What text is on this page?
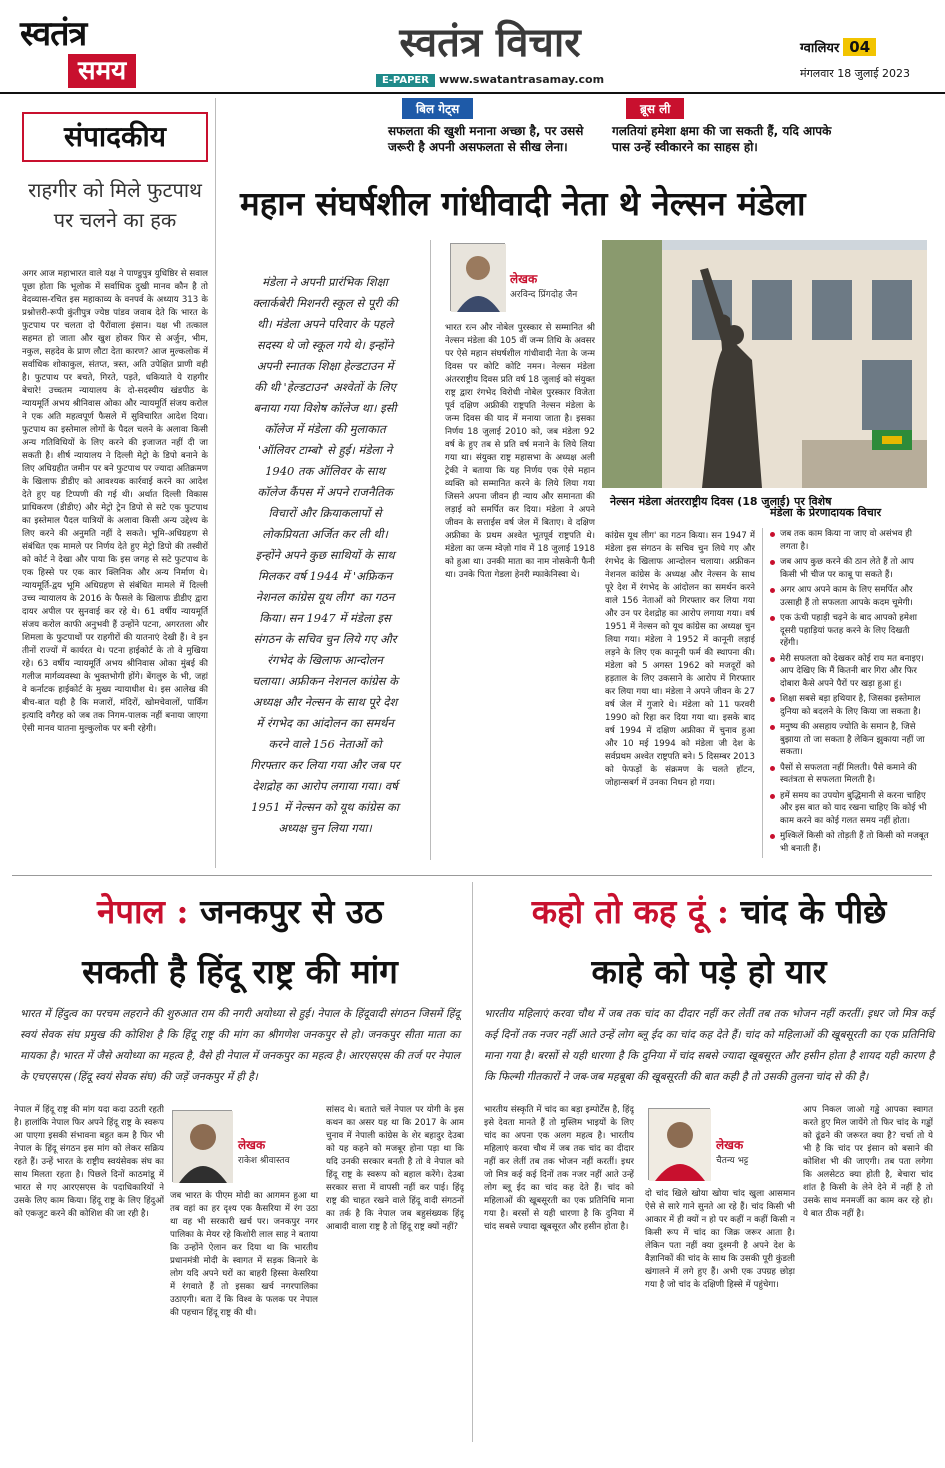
स्वतंत्र
समय
स्वतंत्र विचार
E-PAPER www.swatantrasamay.com
ग्वालियर 04
मंगलवार 18 जुलाई 2023
बिल गेट्स
सफलता की खुशी मनाना अच्छा है, पर उससे जरूरी है अपनी असफलता से सीख लेना।
ब्रूस ली
गलतियां हमेशा क्षमा की जा सकती हैं, यदि आपके पास उन्हें स्वीकारने का साहस हो।
संपादकीय
राहगीर को मिले फुटपाथ पर चलने का हक
अगर आज महाभारत वाले यक्ष ने पाण्डुपुत्र युधिष्ठिर से सवाल पूछा होता कि भूलोक में सर्वाधिक दुखी मानव कौन है तो वेदव्यास-रचित इस महाकाव्य के वनपर्व के अध्याय 313 के प्रश्नोत्तरी-रूपी कुंतीपुत्र ज्येष्ठ पांडव जवाब देते कि भारत के फुटपाथ पर चलता दो पैरोंवाला इंसान। यक्ष भी तत्काल सहमत हो जाता और खुश होकर फिर से अर्जुन, भीम, नकुल, सहदेव के प्राण लौटा देता कारण? आज मुल्कलोक में सर्वाधिक शोकाकुल, संतप्त, त्रस्त, अति उपेक्षित प्राणी वही है। फुटपाथ पर बचते, गिरते, पड़ते, धकियाते ये राहगीर बेचारे! उच्चतम न्यायालय के दो-सदस्यीय खंडपीठ के न्यायमूर्ति अभय श्रीनिवास ओका और न्यायमूर्ति संजय करोल ने एक अति महत्वपूर्ण फैसले में सुविचारित आदेश दिया। फुटपाथ का इस्तेमाल लोगों के पैदल चलने के अलावा किसी अन्य गतिविधियों के लिए करने की इजाजत नहीं दी जा सकती है। शीर्ष न्यायालय ने दिल्ली मेट्रो के डिपो बनाने के लिए अधिग्रहीत जमीन पर बने फुटपाथ पर ज्यादा अतिक्रमण के खिलाफ डीडीए को आवश्यक कार्रवाई करने का आदेश देते हुए यह टिप्पणी की गई थी। अर्थात दिल्ली विकास प्राधिकरण (डीडीए) और मेट्रो ट्रेन डिपो से सटे एक फुटपाथ का इस्तेमाल पैदल यात्रियों के अलावा किसी अन्य उद्देश्य के लिए करने की अनुमति नहीं दे सकते। भूमि-अधिग्रहण से संबंधित एक मामले पर निर्णय देते हुए मेट्रो डिपो की तस्वीरों को कोर्ट ने देखा और पाया कि इस जगह से सटे फुटपाथ के एक हिस्से पर एक कार क्लिनिक और अन्य निर्माण थे। न्यायमूर्ति-द्वय भूमि अधिग्रहण से संबंधित मामले में दिल्ली उच्च न्यायालय के 2016 के फैसले के खिलाफ डीडीए द्वारा दायर अपील पर सुनवाई कर रहे थे। 61 वर्षीय न्यायमूर्ति संजय करोल काफी अनुभवी हैं उन्होंने पटना, अगरतला और शिमला के फुटपाथों पर राहगीरों की यातनाएं देखी हैं। वे इन तीनों राज्यों में कार्यरत थे। पटना हाईकोर्ट के तो वे मुखिया रहे। 63 वर्षीय न्यायमूर्ति अभय श्रीनिवास ओका मुंबई की गलीज मार्गव्यवस्था के भुक्तभोगी होंगे। बेंगलुरु के भी, जहां वे कर्नाटक हाईकोर्ट के मुख्य न्यायाधीश थे। इस आलेख की बीच-बात यही है कि मजारों, मंदिरों, खोमचेवालों, पार्किंग इत्यादि वगैरह को जब तक निगम-पालक नहीं बनाया जाएगा ऐसी मानव यातना मुल्कुलोक पर बनी रहेगी।
महान संघर्षशील गांधीवादी नेता थे नेल्सन मंडेला
मंडेला ने अपनी प्रारंभिक शिक्षा क्लार्कबेरी मिशनरी स्कूल से पूरी की थी। मंडेला अपने परिवार के पहले सदस्य थे जो स्कूल गये थे। इन्होंने अपनी स्नातक शिक्षा हेल्डटाउन में की थी 'हेल्डटाउन' अश्वेतों के लिए बनाया गया विशेष कॉलेज था। इसी कॉलेज में मंडेला की मुलाकात 'ऑलिवर टाम्बो' से हुई। मंडेला ने 1940 तक ऑलिवर के साथ कॉलेज कैंपस में अपने राजनैतिक विचारों और क्रियाकलापों से लोकप्रियता अर्जित कर ली थी। इन्होंने अपने कुछ साथियों के साथ मिलकर वर्ष 1944 में 'अफ्रिकन नेशनल कांग्रेस यूथ लीग' का गठन किया। सन 1947 में मंडेला इस संगठन के सचिव चुन लिये गए और रंगभेद के खिलाफ आन्दोलन चलाया। अफ्रीकन नेशनल कांग्रेस के अध्यक्ष और नेल्सन के साथ पूरे देश में रंगभेद का आंदोलन का समर्थन करने वाले 156 नेताओं को गिरफ्तार कर लिया गया और जब पर देशद्रोह का आरोप लगाया गया। वर्ष 1951 में नेल्सन को यूथ कांग्रेस का अध्यक्ष चुन लिया गया।
लेखक
अरविन्द प्रिंगदोह जैन
भारत रत्न और नोबेल पुरस्कार से सम्मानित श्री नेल्सन मंडेला की 105 वीं जन्म तिथि के अवसर पर ऐसे महान संघर्षशील गांधीवादी नेता के जन्म दिवस पर कोटि कोटि नमन। नेल्सन मंडेला अंतरराष्ट्रीय दिवस प्रति वर्ष 18 जुलाई को संयुक्त राष्ट्र द्वारा रंगभेद विरोधी नोबेल पुरस्कार विजेता पूर्व दक्षिण अफ्रीकी राष्ट्रपति नेल्सन मंडेला के जन्म दिवस की याद में मनाया जाता है। इसका निर्णय 18 जुलाई 2010 को, जब मंडेला 92 वर्ष के हुए तब से प्रति वर्ष मनाने के लिये लिया गया था। संयुक्त राष्ट्र महासभा के अध्यक्ष अली ट्रेकी ने बताया कि यह निर्णय एक ऐसे महान व्यक्ति को सम्मानित करने के लिये लिया गया जिसने अपना जीवन ही न्याय और समानता की लड़ाई को समर्पित कर दिया। मंडेला ने अपने जीवन के सत्ताईस वर्ष जेल में बिताए। वे दक्षिण अफ्रीका के प्रथम अश्वेत भूतपूर्व राष्ट्रपति थे। मंडेला का जन्म म्वेज़ो गांव में 18 जुलाई 1918 को हुआ था। उनकी माता का नाम नोसकेनी फैनी था। उनके पिता गेडला हेनरी म्फाकेनिस्वा थे।
नेल्सन मंडेला अंतरराष्ट्रीय दिवस (18 जुलाई) पर विशेष
कांग्रेस यूथ लीग' का गठन किया। सन 1947 में मंडेला इस संगठन के सचिव चुन लिये गए और रंगभेद के खिलाफ आन्दोलन चलाया। अफ्रीकन नेशनल कांग्रेस के अध्यक्ष और नेल्सन के साथ पूरे देश में रंगभेद के आंदोलन का समर्थन करने वाले 156 नेताओं को गिरफ्तार कर लिया गया और उन पर देशद्रोह का आरोप लगाया गया। वर्ष 1951 में नेल्सन को यूथ कांग्रेस का अध्यक्ष चुन लिया गया। मंडेला ने 1952 में कानूनी लड़ाई लड़ने के लिए एक कानूनी फर्म की स्थापना की। मंडेला को 5 अगस्त 1962 को मजदूरों को हड़ताल के लिए उकसाने के आरोप में गिरफ्तार कर लिया गया था। मंडेला ने अपने जीवन के 27 वर्ष जेल में गुजारे थे। मंडेला को 11 फरवरी 1990 को रिहा कर दिया गया था। इसके बाद वर्ष 1994 में दक्षिण अफ्रीका में चुनाव हुआ और 10 मई 1994 को मंडेला जी देश के सर्वप्रथम अश्वेत राष्ट्रपति बने। 5 दिसम्बर 2013 को फेफड़ों के संक्रमण के चलते हॉटन, जोहान्सबर्ग में उनका निधन हो गया।
मंडेला के प्रेरणादायक विचार
जब तक काम किया ना जाए वो असंभव ही लगता है।
जब आप कुछ करने की ठान लेते हैं तो आप किसी भी चीज पर काबू पा सकते हैं।
अगर आप अपने काम के लिए समर्पित और उत्साही हैं तो सफलता आपके कदम चूमेगी।
एक ऊंची पहाड़ी चढ़ने के बाद आपको हमेशा दूसरी पहाड़ियां फतह करने के लिए दिखती रहेंगी।
मेरी सफलता को देखकर कोई राय मत बनाइए। आप देखिए कि मैं कितनी बार गिरा और फिर दोबारा कैसे अपने पैरों पर खड़ा हुआ हूं।
शिक्षा सबसे बड़ा हथियार है, जिसका इस्तेमाल दुनिया को बदलने के लिए किया जा सकता है।
मनुष्य की असहाय ज्योति के समान है, जिसे बुझाया तो जा सकता है लेकिन झुकाया नहीं जा सकता।
पैसों से सफलता नहीं मिलती। पैसे कमाने की स्वतंत्रता से सफलता मिलती है।
हमें समय का उपयोग बुद्धिमानी से करना चाहिए और इस बात को याद रखना चाहिए कि कोई भी काम करने का कोई गलत समय नहीं होता।
मुश्किलें किसी को तोड़ती हैं तो किसी को मजबूत भी बनाती हैं।
नेपाल : जनकपुर से उठ
सकती है हिंदू राष्ट्र की मांग
भारत में हिंदुत्व का परचम लहराने की शुरुआत राम की नगरी अयोध्या से हुई। नेपाल के हिंदूवादी संगठन जिसमें हिंदू स्वयं सेवक संघ प्रमुख की कोशिश है कि हिंदू राष्ट्र की मांग का श्रीगणेश जनकपुर से हो। जनकपुर सीता माता का मायका है। भारत में जैसे अयोध्या का महत्व है, वैसे ही नेपाल में जनकपुर का महत्व है। आरएसएस की तर्ज पर नेपाल के एचएसएस (हिंदू स्वयं सेवक संघ) की जड़ें जनकपुर में ही है।
नेपाल में हिंदू राष्ट्र की मांग यदा कदा उठती रहती है। हालांकि नेपाल फिर अपने हिंदू राष्ट्र के स्वरूप आ पाएगा इसकी संभावना बहुत कम है फिर भी नेपाल के हिंदू संगठन इस मांग को लेकर सक्रिय रहते हैं। उन्हें भारत के राष्ट्रीय स्वयंसेवक संघ का साथ मिलता रहता है। पिछले दिनों काठमांडू में भारत से गए आरएसएस के पदाधिकारियों ने उसके लिए काम किया। हिंदू राष्ट्र के लिए हिंदुओं को एकजुट करने की कोशिश की जा रही है।
लेखक
राकेश श्रीवास्तव
जब भारत के पीएम मोदी का आगमन हुआ था तब वहां का हर दृश्य एक कैसरिया में रंग उठा था वह भी सरकारी खर्च पर। जनकपुर नगर पालिका के मेयर रहे किशोरी लाल साह ने बताया कि उन्होंने ऐलान कर दिया था कि भारतीय प्रधानमंत्री मोदी के स्वागत में सड़क किनारे के लोग यदि अपने घरों का बाहरी हिस्सा केसरिया में रंगवाते हैं तो इसका खर्च नगरपालिका उठाएगी। बता दें कि विश्व के फलक पर नेपाल की पहचान हिंदू राष्ट्र की थी।
सांसद थे। बताते चलें नेपाल पर योगी के इस कथन का असर यह था कि 2017 के आम चुनाव में नेपाली कांग्रेस के शेर बहादुर देउबा को यह कहने को मजबूर होना पड़ा था कि यदि उनकी सरकार बनती है तो वे नेपाल को हिंदू राष्ट्र के स्वरूप को बहाल करेंगे। देउबा सरकार सत्ता में वापसी नहीं कर पाई। हिंदू राष्ट्र की चाहत रखने वाले हिंदू वादी संगठनों का तर्क है कि नेपाल जब बहुसंख्यक हिंदू आबादी वाला राष्ट्र है तो हिंदू राष्ट्र क्यों नहीं?
कहो तो कह दूं : चांद के पीछे
काहे को पड़े हो यार
भारतीय महिलाएं करवा चौथ में जब तक चांद का दीदार नहीं कर लेतीं तब तक भोजन नहीं करतीं। इधर जो मित्र कई कई दिनों तक नजर नहीं आते उन्हें लोग ब्लू ईद का चांद कह देते हैं। चांद को महिलाओं की खूबसूरती का एक प्रतिनिधि माना गया है। बरसों से यही धारणा है कि दुनिया में चांद सबसे ज्यादा खूबसूरत और हसीन होता है शायद यही कारण है कि फिल्मी गीतकारों ने जब-जब महबूबा की खूबसूरती की बात कही है तो उसकी तुलना चांद से की है।
भारतीय संस्कृति में चांद का बड़ा इम्पोर्टेंस है, हिंदू इसे देवता मानते हैं तो मुस्लिम भाइयों के लिए चांद का अपना एक अलग महत्व है। भारतीय महिलाएं करवा चौथ में जब तक चांद का दीदार नहीं कर लेतीं तब तक भोजन नहीं करतीं। इधर जो मित्र कई कई दिनों तक नजर नहीं आते उन्हें लोग ब्लू ईद का चांद कह देते हैं। चांद को महिलाओं की खूबसूरती का एक प्रतिनिधि माना गया है। बरसों से यही धारणा है कि दुनिया में चांद सबसे ज्यादा खूबसूरत और हसीन होता है।
लेखक
चैतन्य भट्ट
दो चांद खिले खोया खोया चांद खुला आसमान ऐसे से सारे गाने सुनते आ रहे हैं। चांद किसी भी आकार में ही क्यों न हो पर कहीं न कहीं किसी न किसी रूप में चांद का जिक्र जरूर आता है। लेकिन पता नहीं क्या दुश्मनी है अपने देश के वैज्ञानिकों की चांद के साथ कि उसकी पूरी कुंडली खंगालने में लगे हुए हैं। अभी एक उपग्रह छोड़ा गया है जो चांद के दक्षिणी हिस्से में पहुंचेगा।
आप निकल जाओ गड्ढे आपका स्वागत करते हुए मिल जायेंगे तो फिर चांद के गड्ढों को ढूंढने की जरूरत क्या है? चर्चा तो ये भी है कि चांद पर इंसान को बसाने की कोशिश भी की जाएगी। तब पता लगेगा कि अलसेटठ क्या होती है, बेचारा चांद शांत है किसी के लेने देने में नहीं है तो उसके साथ मनमर्जी का काम कर रहे हो। ये बात ठीक नहीं है।
